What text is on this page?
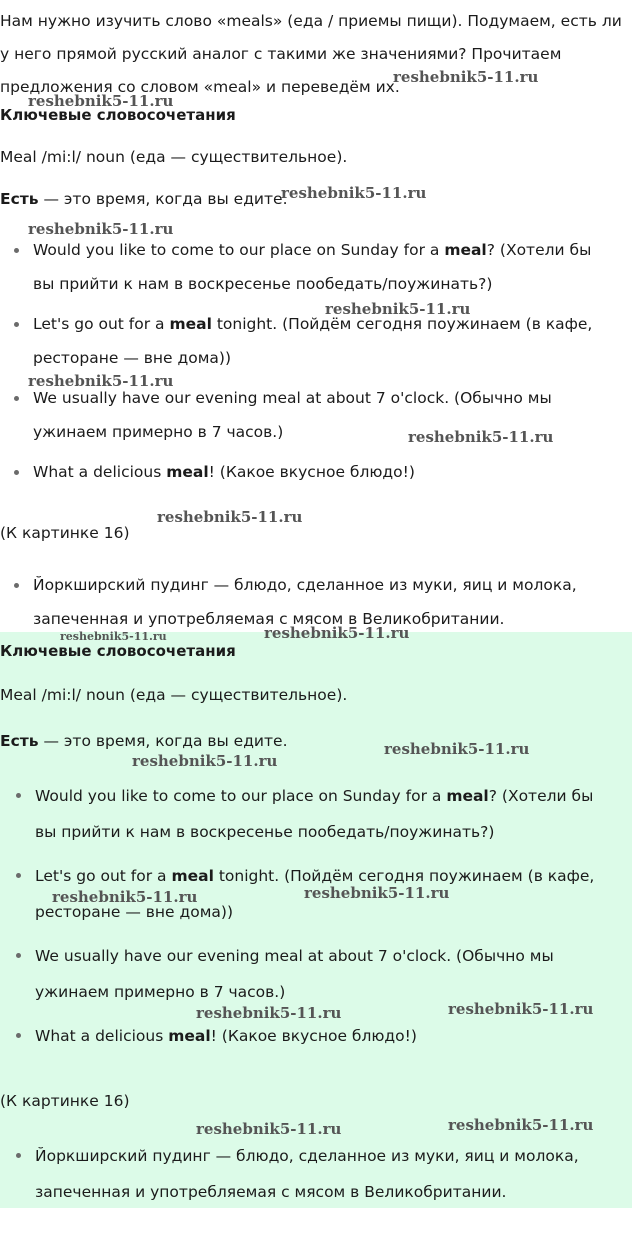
Нам нужно изучить слово «meals» (еда / приемы пищи). Подумаем, есть ли у него прямой русский аналог с такими же значениями? Прочитаем предложения со словом «meal» и переведём их.

Ключевые словосочетания
Meal /mi:l/ noun (еда — существительное).
Есть — это время, когда вы едите.
Would you like to come to our place on Sunday for a meal? (Хотели бы вы прийти к нам в воскресенье пообедать/поужинать?)
Let's go out for a meal tonight. (Пойдём сегодня поужинаем (в кафе, ресторане — вне дома))
We usually have our evening meal at about 7 o'clock. (Обычно мы ужинаем примерно в 7 часов.)
What a delicious meal! (Какое вкусное блюдо!)
(К картинке 16)
Йоркширский пудинг — блюдо, сделанное из муки, яиц и молока, запеченная и употребляемая с мясом в Великобритании.
Ключевые словосочетания
Meal /mi:l/ noun (еда — существительное).
Есть — это время, когда вы едите.
Would you like to come to our place on Sunday for a meal? (Хотели бы вы прийти к нам в воскресенье пообедать/поужинать?)
Let's go out for a meal tonight. (Пойдём сегодня поужинаем (в кафе, ресторане — вне дома))
We usually have our evening meal at about 7 o'clock. (Обычно мы ужинаем примерно в 7 часов.)
What a delicious meal! (Какое вкусное блюдо!)
(К картинке 16)
Йоркширский пудинг — блюдо, сделанное из муки, яиц и молока, запеченная и употребляемая с мясом в Великобритании.
reshebnik5-11.ru
reshebnik5-11.ru
reshebnik5-11.ru
reshebnik5-11.ru
reshebnik5-11.ru
reshebnik5-11.ru
reshebnik5-11.ru
reshebnik5-11.ru
reshebnik5-11.ru	reshebnik5-11.ru
reshebnik5-11.ru
reshebnik5-11.ru
reshebnik5-11.ru	reshebnik5-11.ru
reshebnik5-11.ru	reshebnik5-11.ru
reshebnik5-11.ru	reshebnik5-11.ru
